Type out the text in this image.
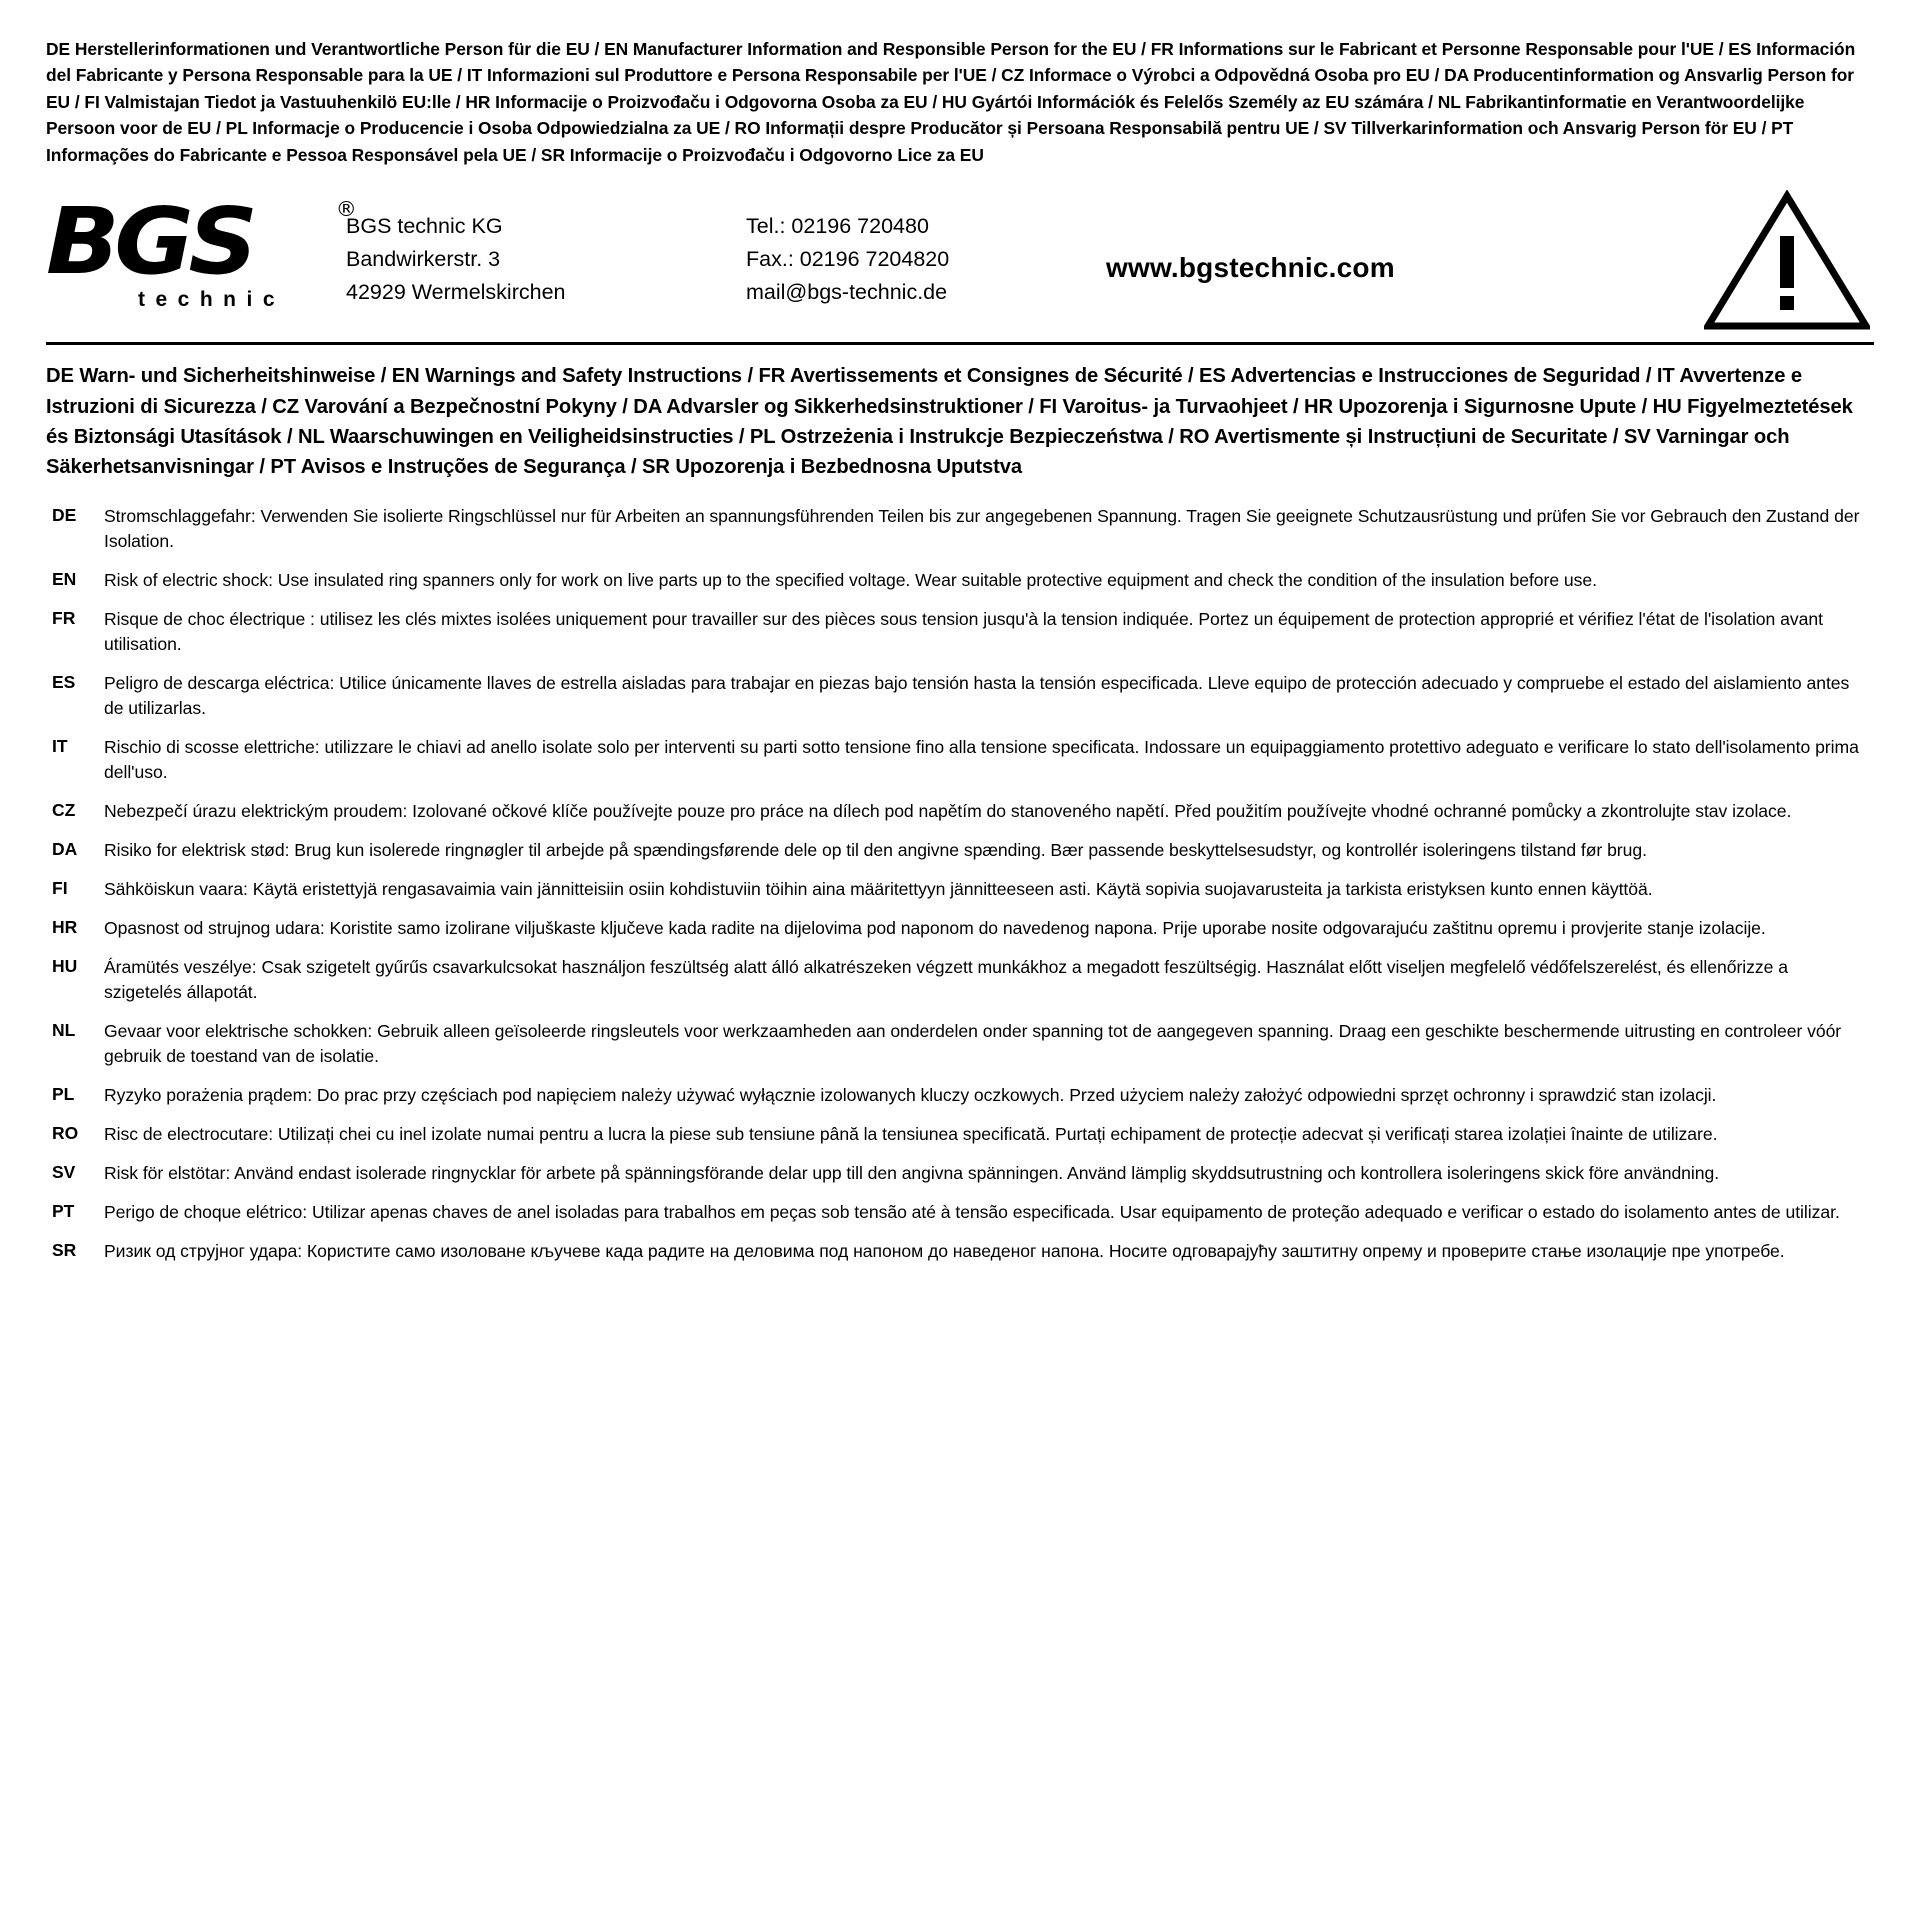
DE Herstellerinformationen und Verantwortliche Person für die EU / EN Manufacturer Information and Responsible Person for the EU / FR Informations sur le Fabricant et Personne Responsable pour l'UE / ES Información del Fabricante y Persona Responsable para la UE / IT Informazioni sul Produttore e Persona Responsabile per l'UE / CZ Informace o Výrobci a Odpovědná Osoba pro EU / DA Producentinformation og Ansvarlig Person for EU / FI Valmistajan Tiedot ja Vastuuhenkilö EU:lle / HR Informacije o Proizvođaču i Odgovorna Osoba za EU / HU Gyártói Információk és Felelős Személy az EU számára / NL Fabrikantinformatie en Verantwoordelijke Persoon voor de EU / PL Informacje o Producencie i Osoba Odpowiedzialna za UE / RO Informații despre Producător și Persoana Responsabilă pentru UE / SV Tillverkarinformation och Ansvarig Person för EU / PT Informações do Fabricante e Pessoa Responsável pela UE / SR Informacije o Proizvođaču i Odgovorno Lice za EU
BGS	®
technic
BGS technic KG
Bandwirkerstr. 3
42929 Wermelskirchen
Tel.: 02196 720480
Fax.: 02196 7204820
mail@bgs-technic.de
www.bgstechnic.com
DE Warn- und Sicherheitshinweise / EN Warnings and Safety Instructions / FR Avertissements et Consignes de Sécurité / ES Advertencias e Instrucciones de Seguridad / IT Avvertenze e Istruzioni di Sicurezza / CZ Varování a Bezpečnostní Pokyny / DA Advarsler og Sikkerhedsinstruktioner / FI Varoitus- ja Turvaohjeet / HR Upozorenja i Sigurnosne Upute / HU Figyelmeztetések és Biztonsági Utasítások / NL Waarschuwingen en Veiligheidsinstructies / PL Ostrzeżenia i Instrukcje Bezpieczeństwa / RO Avertismente și Instrucțiuni de Securitate / SV Varningar och Säkerhetsanvisningar / PT Avisos e Instruções de Segurança / SR Upozorenja i Bezbednosna Uputstva
DE	Stromschlaggefahr: Verwenden Sie isolierte Ringschlüssel nur für Arbeiten an spannungsführenden Teilen bis zur angegebenen Spannung. Tragen Sie geeignete Schutzausrüstung und prüfen Sie vor Gebrauch den Zustand der Isolation.
EN	Risk of electric shock: Use insulated ring spanners only for work on live parts up to the specified voltage. Wear suitable protective equipment and check the condition of the insulation before use.
FR	Risque de choc électrique : utilisez les clés mixtes isolées uniquement pour travailler sur des pièces sous tension jusqu'à la tension indiquée. Portez un équipement de protection approprié et vérifiez l'état de l'isolation avant utilisation.
ES	Peligro de descarga eléctrica: Utilice únicamente llaves de estrella aisladas para trabajar en piezas bajo tensión hasta la tensión especificada. Lleve equipo de protección adecuado y compruebe el estado del aislamiento antes de utilizarlas.
IT	Rischio di scosse elettriche: utilizzare le chiavi ad anello isolate solo per interventi su parti sotto tensione fino alla tensione specificata. Indossare un equipaggiamento protettivo adeguato e verificare lo stato dell'isolamento prima dell'uso.
CZ	Nebezpečí úrazu elektrickým proudem: Izolované očkové klíče používejte pouze pro práce na dílech pod napětím do stanoveného napětí. Před použitím používejte vhodné ochranné pomůcky a zkontrolujte stav izolace.
DA	Risiko for elektrisk stød: Brug kun isolerede ringnøgler til arbejde på spændingsførende dele op til den angivne spænding. Bær passende beskyttelsesudstyr, og kontrollér isoleringens tilstand før brug.
FI	Sähköiskun vaara: Käytä eristettyjä rengasavaimia vain jännitteisiin osiin kohdistuviin töihin aina määritettyyn jännitteeseen asti. Käytä sopivia suojavarusteita ja tarkista eristyksen kunto ennen käyttöä.
HR	Opasnost od strujnog udara: Koristite samo izolirane viljuškaste ključeve kada radite na dijelovima pod naponom do navedenog napona. Prije uporabe nosite odgovarajuću zaštitnu opremu i provjerite stanje izolacije.
HU	Áramütés veszélye: Csak szigetelt gyűrűs csavarkulcsokat használjon feszültség alatt álló alkatrészeken végzett munkákhoz a megadott feszültségig. Használat előtt viseljen megfelelő védőfelszerelést, és ellenőrizze a szigetelés állapotát.
NL	Gevaar voor elektrische schokken: Gebruik alleen geïsoleerde ringsleutels voor werkzaamheden aan onderdelen onder spanning tot de aangegeven spanning. Draag een geschikte beschermende uitrusting en controleer vóór gebruik de toestand van de isolatie.
PL	Ryzyko porażenia prądem: Do prac przy częściach pod napięciem należy używać wyłącznie izolowanych kluczy oczkowych. Przed użyciem należy założyć odpowiedni sprzęt ochronny i sprawdzić stan izolacji.
RO	Risc de electrocutare: Utilizați chei cu inel izolate numai pentru a lucra la piese sub tensiune până la tensiunea specificată. Purtați echipament de protecție adecvat și verificați starea izolației înainte de utilizare.
SV	Risk för elstötar: Använd endast isolerade ringnycklar för arbete på spänningsförande delar upp till den angivna spänningen. Använd lämplig skyddsutrustning och kontrollera isoleringens skick före användning.
PT	Perigo de choque elétrico: Utilizar apenas chaves de anel isoladas para trabalhos em peças sob tensão até à tensão especificada. Usar equipamento de proteção adequado e verificar o estado do isolamento antes de utilizar.
SR	Ризик од струјног удара: Користите само изоловане кључеве када радите на деловима под напоном до наведеног напона. Носите одговарајућу заштитну опрему и проверите стање изолације пре употребе.
